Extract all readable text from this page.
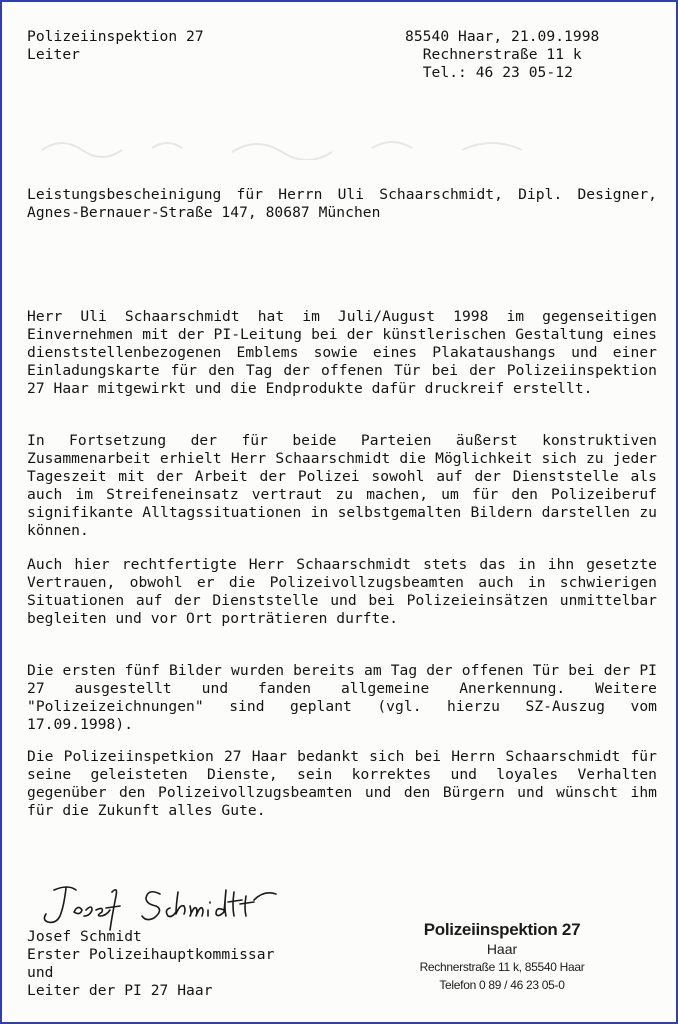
Polizeiinspektion 27
Leiter
85540 Haar, 21.09.1998
Rechnerstraße 11 k
Tel.: 46 23 05-12
Leistungsbescheinigung für Herrn Uli Schaarschmidt, Dipl. Designer, Agnes-Bernauer-Straße 147, 80687 München

Herr Uli Schaarschmidt hat im Juli/August 1998 im gegenseitigen Einvernehmen mit der PI-Leitung bei der künstlerischen Gestaltung eines dienststellenbezogenen Emblems sowie eines Plakataushangs und einer Einladungskarte für den Tag der offenen Tür bei der Polizeiinspektion 27 Haar mitgewirkt und die Endprodukte dafür druckreif erstellt.

In Fortsetzung der für beide Parteien äußerst konstruktiven Zusammenarbeit erhielt Herr Schaarschmidt die Möglichkeit sich zu jeder Tageszeit mit der Arbeit der Polizei sowohl auf der Dienststelle als auch im Streifeneinsatz vertraut zu machen, um für den Polizeiberuf signifikante Alltagssituationen in selbstgemalten Bildern darstellen zu können.

Auch hier rechtfertigte Herr Schaarschmidt stets das in ihn gesetzte Vertrauen, obwohl er die Polizeivollzugsbeamten auch in schwierigen Situationen auf der Dienststelle und bei Polizeieinsätzen unmittelbar begleiten und vor Ort porträtieren durfte.

Die ersten fünf Bilder wurden bereits am Tag der offenen Tür bei der PI 27 ausgestellt und fanden allgemeine Anerkennung. Weitere "Polizeizeichnungen" sind geplant (vgl. hierzu SZ-Auszug vom 17.09.1998).

Die Polizeiinspetkion 27 Haar bedankt sich bei Herrn Schaarschmidt für seine geleisteten Dienste, sein korrektes und loyales Verhalten gegenüber den Polizeivollzugsbeamten und den Bürgern und wünscht ihm für die Zukunft alles Gute.

Josef Schmidt
Erster Polizeihauptkommissar
und
Leiter der PI 27 Haar
Polizeiinspektion 27
Haar
Rechnerstraße 11 k, 85540 Haar
Telefon 0 89 / 46 23 05-0
